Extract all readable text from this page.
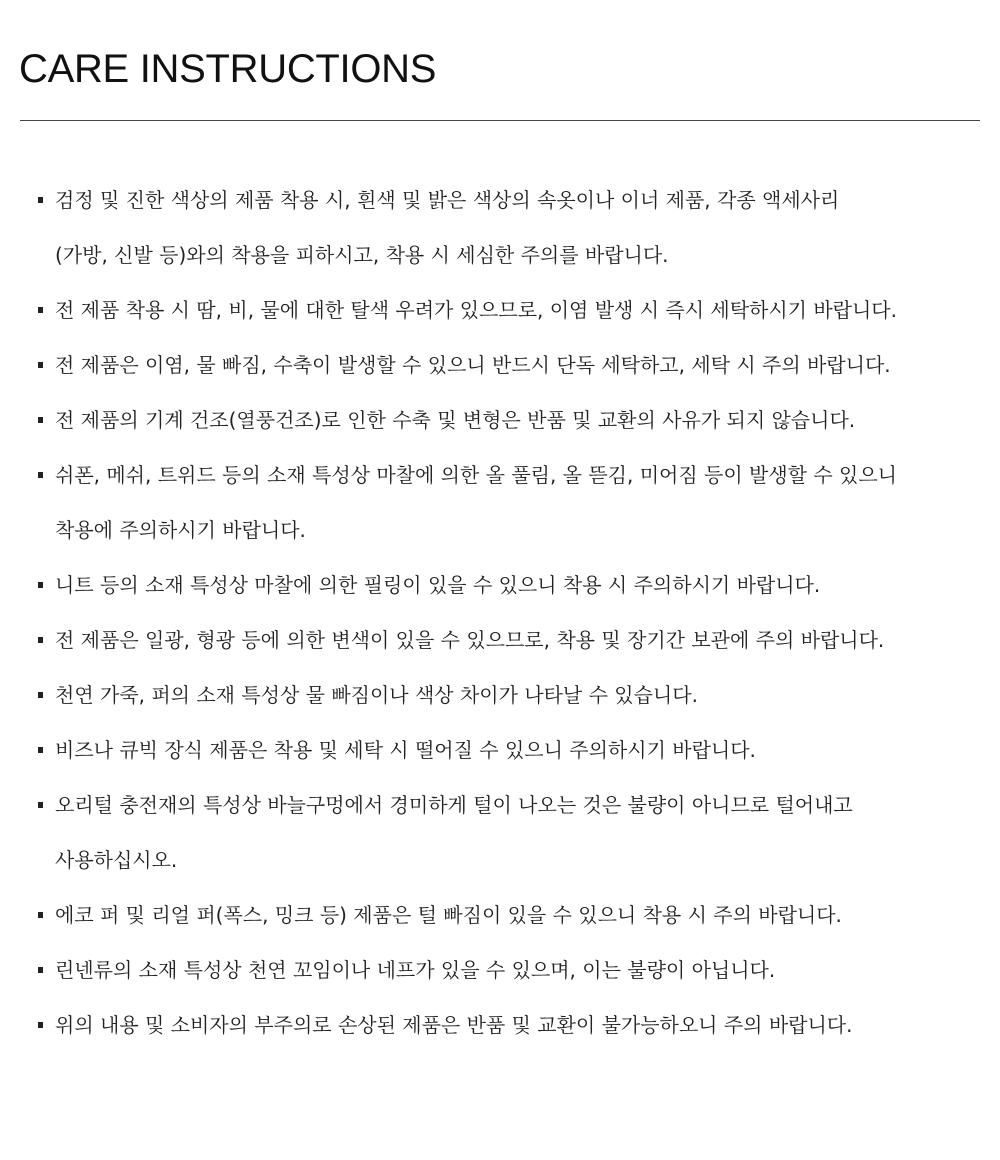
CARE INSTRUCTIONS
검정 및 진한 색상의 제품 착용 시, 흰색 및 밝은 색상의 속옷이나 이너 제품, 각종 액세사리
(가방, 신발 등)와의 착용을 피하시고, 착용 시 세심한 주의를 바랍니다.
전 제품 착용 시 땀, 비, 물에 대한 탈색 우려가 있으므로, 이염 발생 시 즉시 세탁하시기 바랍니다.
전 제품은 이염, 물 빠짐, 수축이 발생할 수 있으니 반드시 단독 세탁하고, 세탁 시 주의 바랍니다.
전 제품의 기계 건조(열풍건조)로 인한 수축 및 변형은 반품 및 교환의 사유가 되지 않습니다.
쉬폰, 메쉬, 트위드 등의 소재 특성상 마찰에 의한 올 풀림, 올 뜯김, 미어짐 등이 발생할 수 있으니
착용에 주의하시기 바랍니다.
니트 등의 소재 특성상 마찰에 의한 필링이 있을 수 있으니 착용 시 주의하시기 바랍니다.
전 제품은 일광, 형광 등에 의한 변색이 있을 수 있으므로, 착용 및 장기간 보관에 주의 바랍니다.
천연 가죽, 퍼의 소재 특성상 물 빠짐이나 색상 차이가 나타날 수 있습니다.
비즈나 큐빅 장식 제품은 착용 및 세탁 시 떨어질 수 있으니 주의하시기 바랍니다.
오리털 충전재의 특성상 바늘구멍에서 경미하게 털이 나오는 것은 불량이 아니므로 털어내고
사용하십시오.
에코 퍼 및 리얼 퍼(폭스, 밍크 등) 제품은 털 빠짐이 있을 수 있으니 착용 시 주의 바랍니다.
린넨류의 소재 특성상 천연 꼬임이나 네프가 있을 수 있으며, 이는 불량이 아닙니다.
위의 내용 및 소비자의 부주의로 손상된 제품은 반품 및 교환이 불가능하오니 주의 바랍니다.
